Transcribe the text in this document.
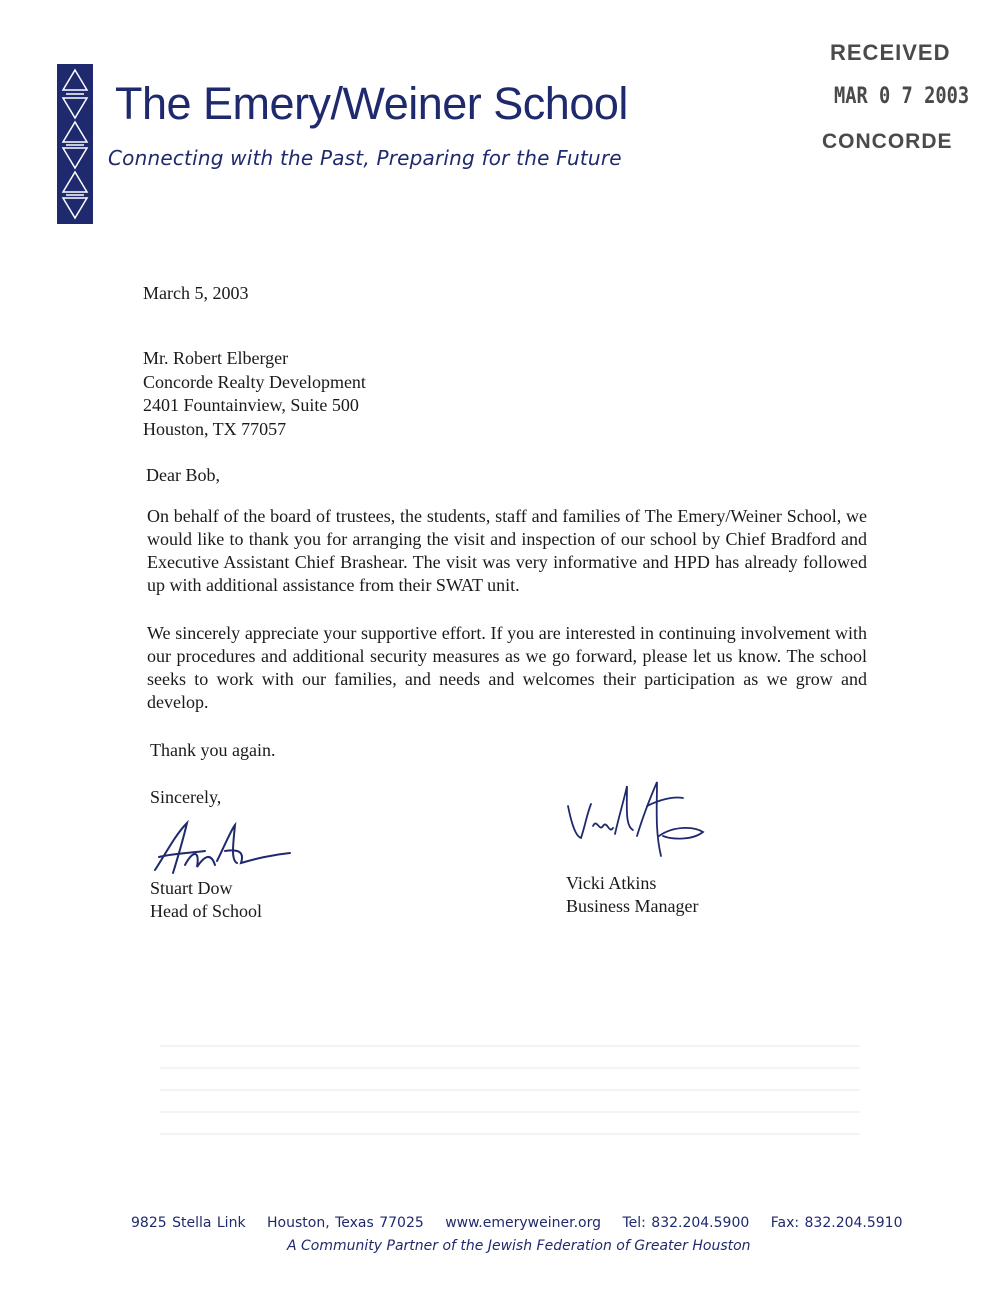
The Emery/Weiner School
Connecting with the Past, Preparing for the Future
RECEIVED
MAR 0 7 2003
CONCORDE
March 5, 2003
Mr. Robert Elberger
Concorde Realty Development
2401 Fountainview, Suite 500
Houston, TX 77057
Dear Bob,
On behalf of the board of trustees, the students, staff and families of The Emery/Weiner School, we would like to thank you for arranging the visit and inspection of our school by Chief Bradford and Executive Assistant Chief Brashear. The visit was very informative and HPD has already followed up with additional assistance from their SWAT unit.
We sincerely appreciate your supportive effort. If you are interested in continuing involvement with our procedures and additional security measures as we go forward, please let us know. The school seeks to work with our families, and needs and welcomes their participation as we grow and develop.
Thank you again.
Sincerely,
Stuart Dow
Head of School
Vicki Atkins
Business Manager
9825 Stella Link Houston, Texas 77025 www.emeryweiner.org Tel: 832.204.5900 Fax: 832.204.5910
A Community Partner of the Jewish Federation of Greater Houston
